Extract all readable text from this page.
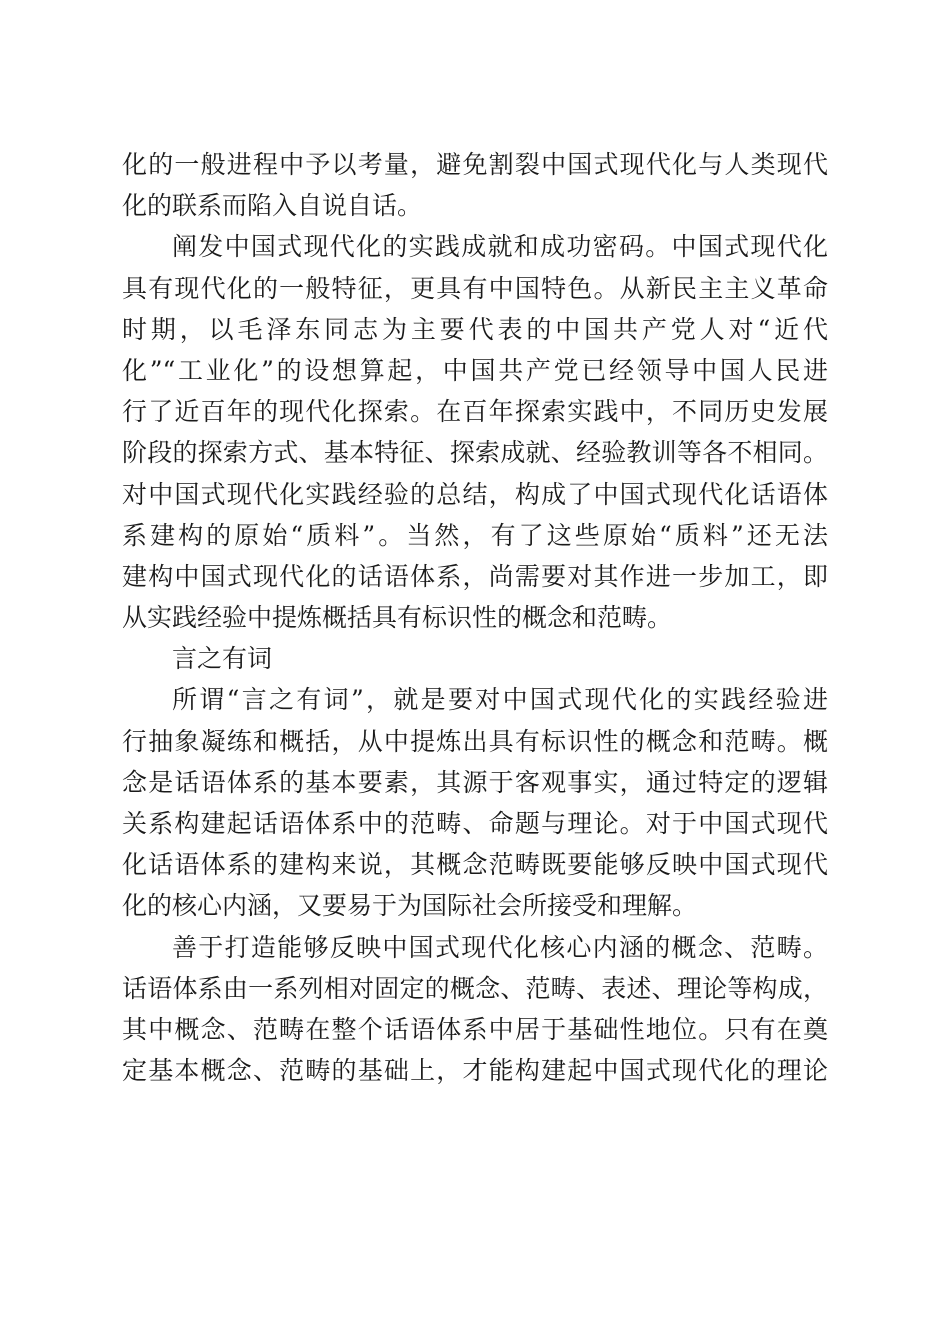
化的一般进程中予以考量，避免割裂中国式现代化与人类现代
化的联系而陷入自说自话。
阐发中国式现代化的实践成就和成功密码。中国式现代化
具有现代化的一般特征，更具有中国特色。从新民主主义革命
时期，以毛泽东同志为主要代表的中国共产党人对“近代
化”“工业化”的设想算起，中国共产党已经领导中国人民进
行了近百年的现代化探索。在百年探索实践中，不同历史发展
阶段的探索方式、基本特征、探索成就、经验教训等各不相同。
对中国式现代化实践经验的总结，构成了中国式现代化话语体
系建构的原始“质料”。当然，有了这些原始“质料”还无法
建构中国式现代化的话语体系，尚需要对其作进一步加工，即
从实践经验中提炼概括具有标识性的概念和范畴。
言之有词
所谓“言之有词”，就是要对中国式现代化的实践经验进
行抽象凝练和概括，从中提炼出具有标识性的概念和范畴。概
念是话语体系的基本要素，其源于客观事实，通过特定的逻辑
关系构建起话语体系中的范畴、命题与理论。对于中国式现代
化话语体系的建构来说，其概念范畴既要能够反映中国式现代
化的核心内涵，又要易于为国际社会所接受和理解。
善于打造能够反映中国式现代化核心内涵的概念、范畴。
话语体系由一系列相对固定的概念、范畴、表述、理论等构成，
其中概念、范畴在整个话语体系中居于基础性地位。只有在奠
定基本概念、范畴的基础上，才能构建起中国式现代化的理论
